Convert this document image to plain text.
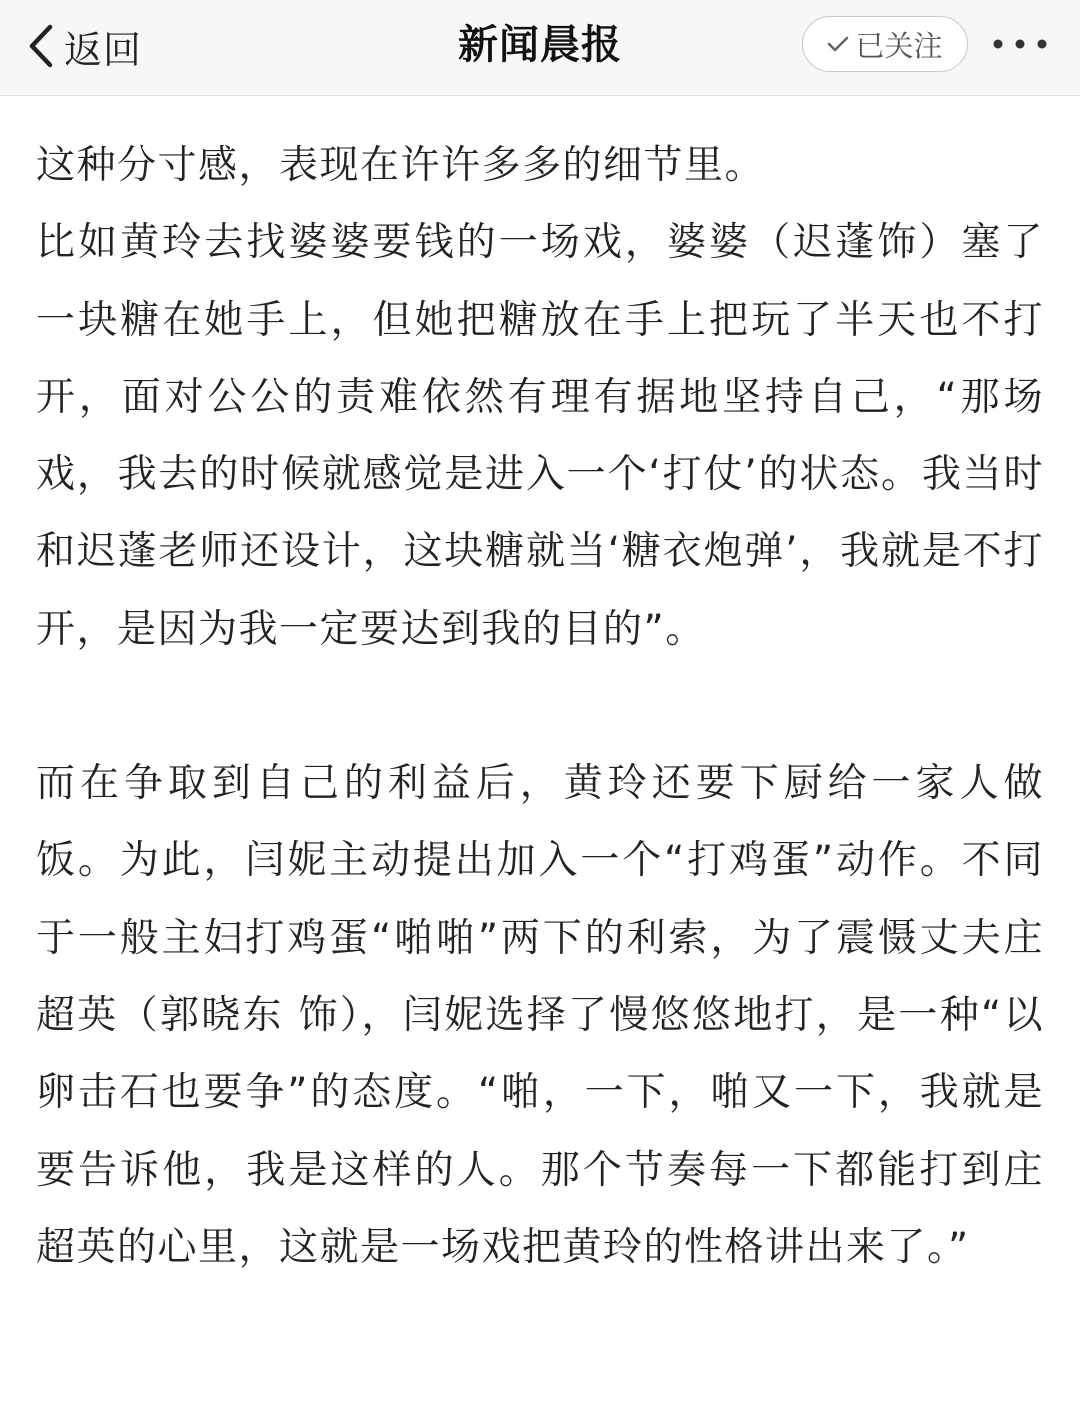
返回	新闻晨报	已关注

这种分寸感，表现在许许多多的细节里。

比如黄玲去找婆婆要钱的一场戏，婆婆（迟蓬饰）塞了一块糖在她手上，但她把糖放在手上把玩了半天也不打开，面对公公的责难依然有理有据地坚持自己，“那场戏，我去的时候就感觉是进入一个‘打仗’的状态。我当时和迟蓬老师还设计，这块糖就当‘糖衣炮弹’，我就是不打开，是因为我一定要达到我的目的”。

而在争取到自己的利益后，黄玲还要下厨给一家人做饭。为此，闫妮主动提出加入一个“打鸡蛋”动作。不同于一般主妇打鸡蛋“啪啪”两下的利索，为了震慑丈夫庄超英（郭晓东 饰），闫妮选择了慢悠悠地打，是一种“以卵击石也要争”的态度。“啪，一下，啪又一下，我就是要告诉他，我是这样的人。那个节奏每一下都能打到庄超英的心里，这就是一场戏把黄玲的性格讲出来了。”
